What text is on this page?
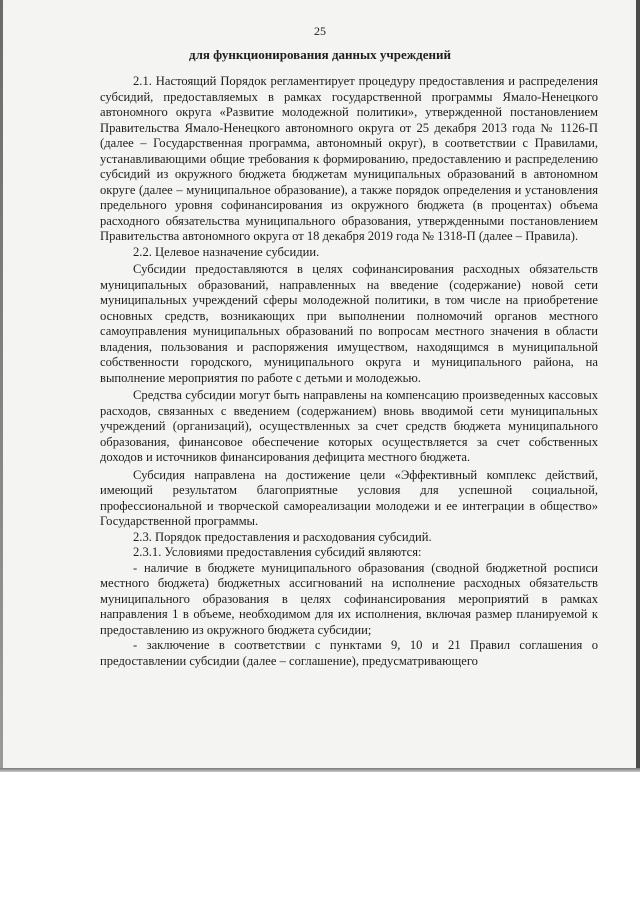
25
для функционирования данных учреждений

2.1. Настоящий Порядок регламентирует процедуру предоставления и распределения субсидий, предоставляемых в рамках государственной программы Ямало-Ненецкого автономного округа «Развитие молодежной политики», утвержденной постановлением Правительства Ямало-Ненецкого автономного округа от 25 декабря 2013 года № 1126-П (далее – Государственная программа, автономный округ), в соответствии с Правилами, устанавливающими общие требования к формированию, предоставлению и распределению субсидий из окружного бюджета бюджетам муниципальных образований в автономном округе (далее – муниципальное образование), а также порядок определения и установления предельного уровня софинансирования из окружного бюджета (в процентах) объема расходного обязательства муниципального образования, утвержденными постановлением Правительства автономного округа от 18 декабря 2019 года № 1318-П (далее – Правила).

2.2. Целевое назначение субсидии.

Субсидии предоставляются в целях софинансирования расходных обязательств муниципальных образований, направленных на введение (содержание) новой сети муниципальных учреждений сферы молодежной политики, в том числе на приобретение основных средств, возникающих при выполнении полномочий органов местного самоуправления муниципальных образований по вопросам местного значения в области владения, пользования и распоряжения имуществом, находящимся в муниципальной собственности городского, муниципального округа и муниципального района, на выполнение мероприятия по работе с детьми и молодежью.

Средства субсидии могут быть направлены на компенсацию произведенных кассовых расходов, связанных с введением (содержанием) вновь вводимой сети муниципальных учреждений (организаций), осуществленных за счет средств бюджета муниципального образования, финансовое обеспечение которых осуществляется за счет собственных доходов и источников финансирования дефицита местного бюджета.

Субсидия направлена на достижение цели «Эффективный комплекс действий, имеющий результатом благоприятные условия для успешной социальной, профессиональной и творческой самореализации молодежи и ее интеграции в общество» Государственной программы.

2.3. Порядок предоставления и расходования субсидий.

2.3.1. Условиями предоставления субсидий являются:

- наличие в бюджете муниципального образования (сводной бюджетной росписи местного бюджета) бюджетных ассигнований на исполнение расходных обязательств муниципального образования в целях софинансирования мероприятий в рамках направления 1 в объеме, необходимом для их исполнения, включая размер планируемой к предоставлению из окружного бюджета субсидии;

- заключение в соответствии с пунктами 9, 10 и 21 Правил соглашения о предоставлении субсидии (далее – соглашение), предусматривающего
